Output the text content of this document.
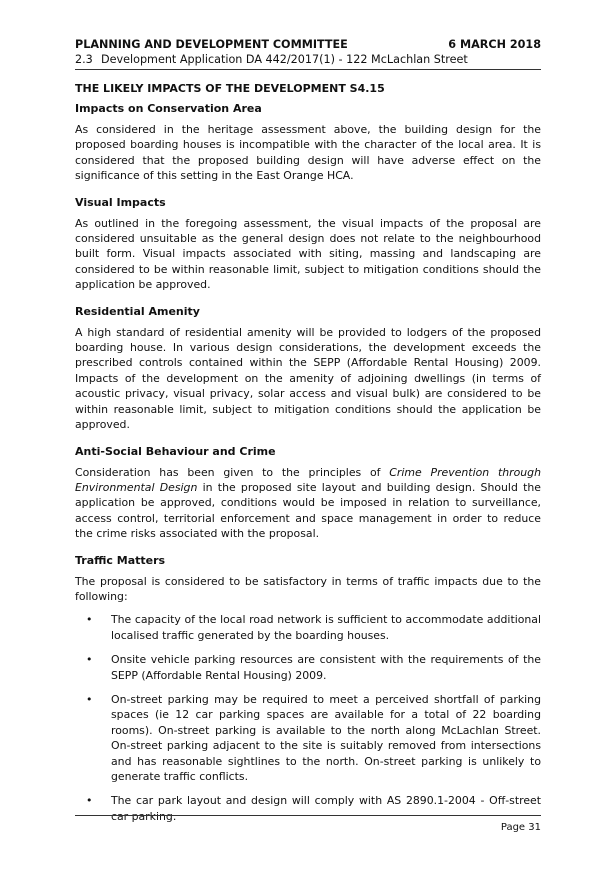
PLANNING AND DEVELOPMENT COMMITTEE	6 MARCH 2018
2.3 Development Application DA 442/2017(1) - 122 McLachlan Street
THE LIKELY IMPACTS OF THE DEVELOPMENT S4.15
Impacts on Conservation Area

As considered in the heritage assessment above, the building design for the proposed boarding houses is incompatible with the character of the local area. It is considered that the proposed building design will have adverse effect on the significance of this setting in the East Orange HCA.

Visual Impacts

As outlined in the foregoing assessment, the visual impacts of the proposal are considered unsuitable as the general design does not relate to the neighbourhood built form. Visual impacts associated with siting, massing and landscaping are considered to be within reasonable limit, subject to mitigation conditions should the application be approved.

Residential Amenity

A high standard of residential amenity will be provided to lodgers of the proposed boarding house. In various design considerations, the development exceeds the prescribed controls contained within the SEPP (Affordable Rental Housing) 2009. Impacts of the development on the amenity of adjoining dwellings (in terms of acoustic privacy, visual privacy, solar access and visual bulk) are considered to be within reasonable limit, subject to mitigation conditions should the application be approved.

Anti-Social Behaviour and Crime

Consideration has been given to the principles of Crime Prevention through Environmental Design in the proposed site layout and building design. Should the application be approved, conditions would be imposed in relation to surveillance, access control, territorial enforcement and space management in order to reduce the crime risks associated with the proposal.

Traffic Matters

The proposal is considered to be satisfactory in terms of traffic impacts due to the following:

• The capacity of the local road network is sufficient to accommodate additional localised traffic generated by the boarding houses.
• Onsite vehicle parking resources are consistent with the requirements of the SEPP (Affordable Rental Housing) 2009.
• On-street parking may be required to meet a perceived shortfall of parking spaces (ie 12 car parking spaces are available for a total of 22 boarding rooms). On-street parking is available to the north along McLachlan Street. On-street parking adjacent to the site is suitably removed from intersections and has reasonable sightlines to the north. On-street parking is unlikely to generate traffic conflicts.
• The car park layout and design will comply with AS 2890.1-2004 - Off-street car parking.
Page 31
